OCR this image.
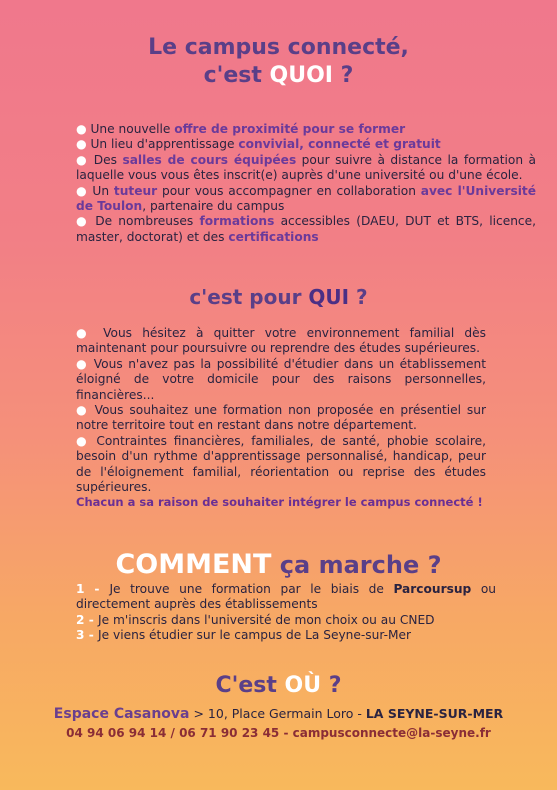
Le campus connecté,
c'est QUOI ?
● Une nouvelle offre de proximité pour se former
● Un lieu d'apprentissage convivial, connecté et gratuit
● Des salles de cours équipées pour suivre à distance la formation à laquelle vous vous êtes inscrit(e) auprès d'une université ou d'une école.
● Un tuteur pour vous accompagner en collaboration avec l'Université de Toulon, partenaire du campus
● De nombreuses formations accessibles (DAEU, DUT et BTS, licence, master, doctorat) et des certifications
c'est pour QUI ?
● Vous hésitez à quitter votre environnement familial dès maintenant pour poursuivre ou reprendre des études supérieures.
● Vous n'avez pas la possibilité d'étudier dans un établissement éloigné de votre domicile pour des raisons personnelles, financières...
● Vous souhaitez une formation non proposée en présentiel sur notre territoire tout en restant dans notre département.
● Contraintes financières, familiales, de santé, phobie scolaire, besoin d'un rythme d'apprentissage personnalisé, handicap, peur de l'éloignement familial, réorientation ou reprise des études supérieures.
Chacun a sa raison de souhaiter intégrer le campus connecté !
COMMENT ça marche ?
1 - Je trouve une formation par le biais de Parcoursup ou directement auprès des établissements
2 - Je m'inscris dans l'université de mon choix ou au CNED
3 - Je viens étudier sur le campus de La Seyne-sur-Mer
C'est OÙ ?
Espace Casanova > 10, Place Germain Loro - LA SEYNE-SUR-MER
04 94 06 94 14 / 06 71 90 23 45 - campusconnecte@la-seyne.fr
